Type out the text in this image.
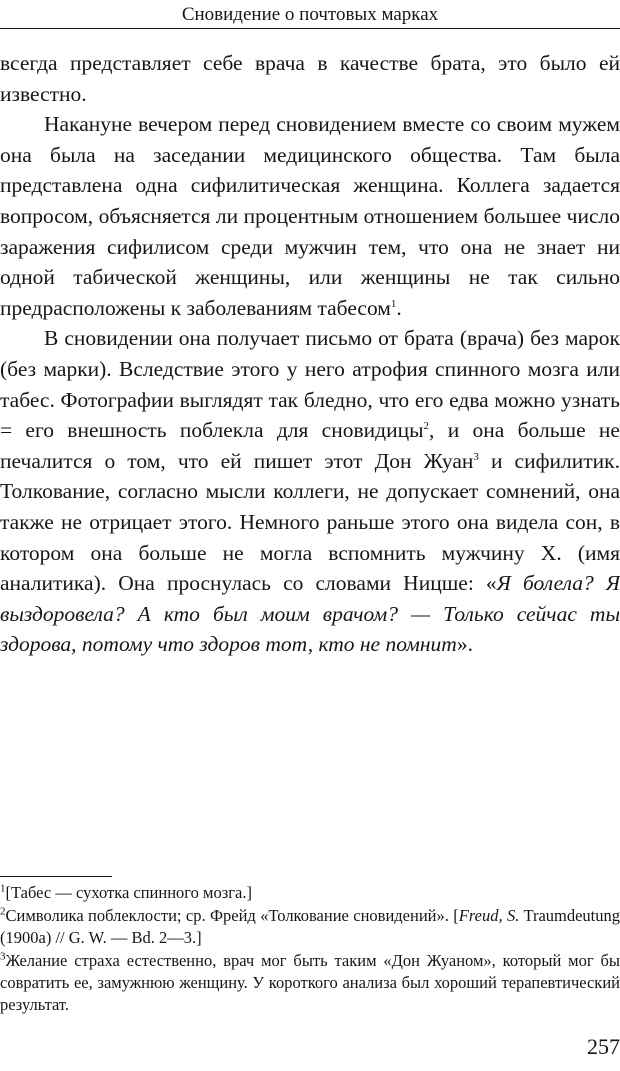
Сновидение о почтовых марках

всегда представляет себе врача в качестве брата, это было ей известно.

Накануне вечером перед сновидением вместе со своим мужем она была на заседании медицинского общества. Там была представлена одна сифилитическая женщина. Коллега задается вопросом, объясняется ли процентным отношением большее число заражения сифилисом среди мужчин тем, что она не знает ни одной табической женщины, или женщины не так сильно предрасположены к заболеваниям табесом$^1$.

В сновидении она получает письмо от брата (врача) без марок (без марки). Вследствие этого у него атрофия спинного мозга или табес. Фотографии выглядят так бледно, что его едва можно узнать = его внешность поблекла для сновидицы$^2$, и она больше не печалится о том, что ей пишет этот Дон Жуан$^3$ и сифилитик. Толкование, согласно мысли коллеги, не допускает сомнений, она также не отрицает этого. Немного раньше этого она видела сон, в котором она больше не могла вспомнить мужчину X. (имя аналитика). Она проснулась со словами Ницше: «Я болела? Я выздоровела? А кто был моим врачом? — Только сейчас ты здорова, потому что здоров тот, кто не помнит».

$^1$[Табес — сухотка спинного мозга.]

$^2$Символика поблеклости; ср. Фрейд «Толкование сновидений». [Freud, S. Traumdeutung (1900a) // G. W. — Bd. 2—3.]

$^3$Желание страха естественно, врач мог быть таким «Дон Жуаном», который мог бы совратить ее, замужнюю женщину. У короткого анализа был хороший терапевтический результат.

257
